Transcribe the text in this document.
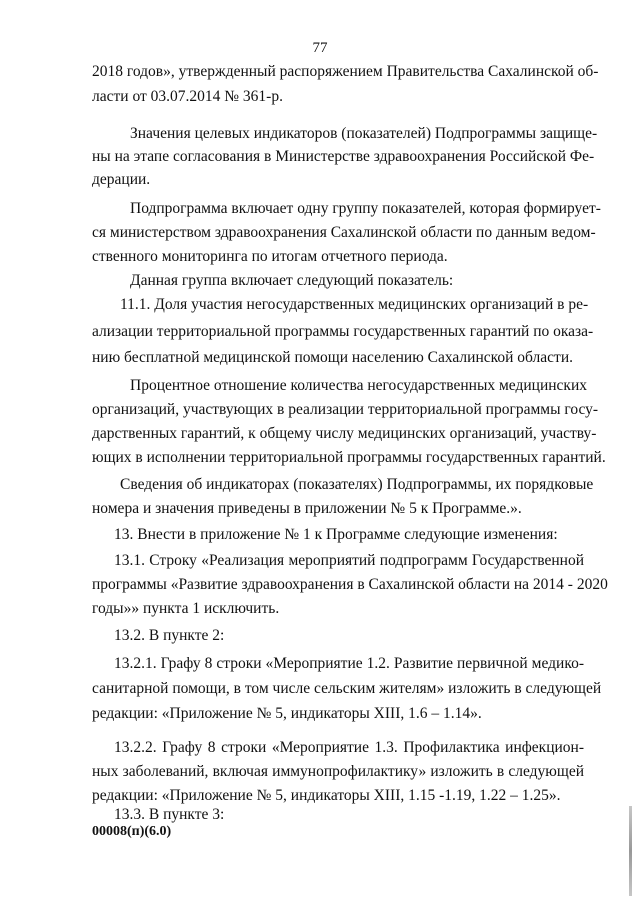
77
2018 годов», утвержденный распоряжением Правительства Сахалинской об-
ласти от 03.07.2014 № 361-р.
Значения целевых индикаторов (показателей) Подпрограммы защище-
ны на этапе согласования в Министерстве здравоохранения Российской Фе-
дерации.
Подпрограмма включает одну группу показателей, которая формирует-
ся министерством здравоохранения Сахалинской области по данным ведом-
ственного мониторинга по итогам отчетного периода.
Данная группа включает следующий показатель:
11.1. Доля участия негосударственных медицинских организаций в ре-
ализации территориальной программы государственных гарантий по оказа-
нию бесплатной медицинской помощи населению Сахалинской области.
Процентное отношение количества негосударственных медицинских
организаций, участвующих в реализации территориальной программы госу-
дарственных гарантий, к общему числу медицинских организаций, участву-
ющих в исполнении территориальной программы государственных гарантий.
Сведения об индикаторах (показателях) Подпрограммы, их порядковые
номера и значения приведены в приложении № 5 к Программе.».
13. Внести в приложение № 1 к Программе следующие изменения:
13.1. Строку «Реализация мероприятий подпрограмм Государственной
программы «Развитие здравоохранения в Сахалинской области на 2014 - 2020
годы»» пункта 1 исключить.
13.2. В пункте 2:
13.2.1. Графу 8 строки «Мероприятие 1.2. Развитие первичной медико-
санитарной помощи, в том числе сельским жителям» изложить в следующей
редакции: «Приложение № 5, индикаторы XIII, 1.6 – 1.14».
13.2.2. Графу 8 строки «Мероприятие 1.3. Профилактика инфекцион-
ных заболеваний, включая иммунопрофилактику» изложить в следующей
редакции: «Приложение № 5, индикаторы XIII, 1.15 -1.19, 1.22 – 1.25».
13.3. В пункте 3:
00008(п)(6.0)
